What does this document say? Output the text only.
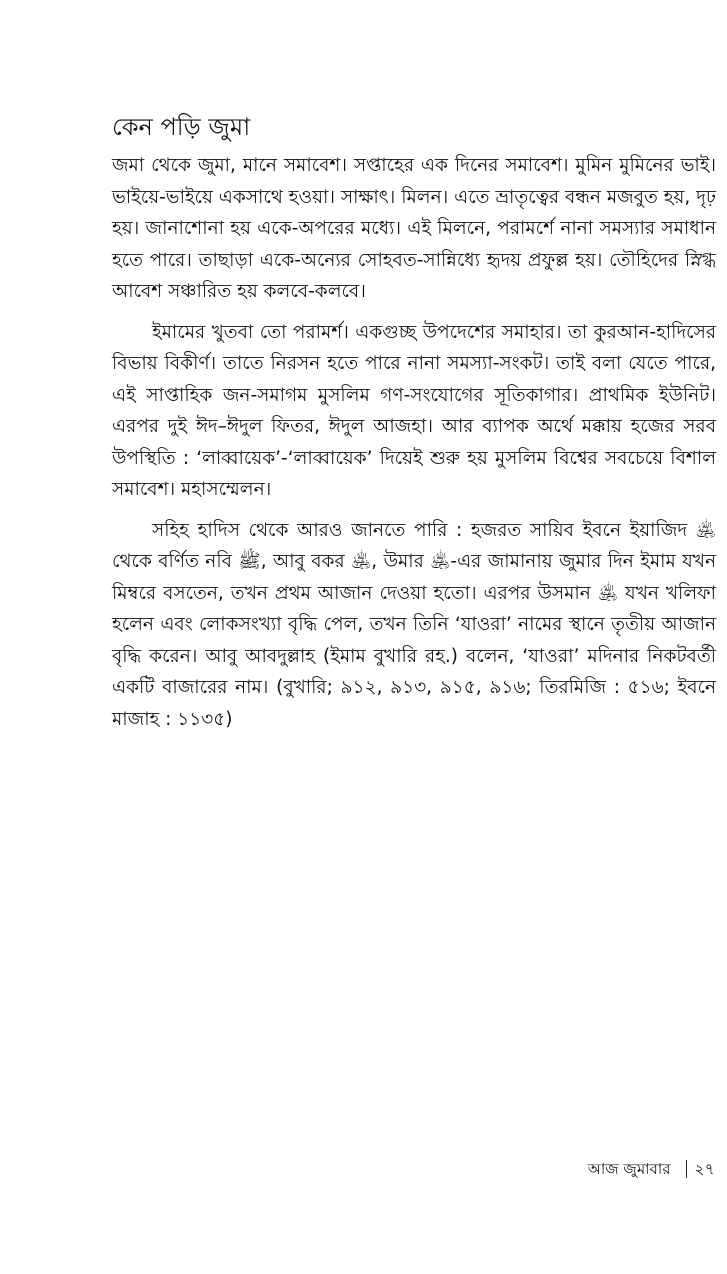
কেন পড়ি জুমা

জমা থেকে জুমা, মানে সমাবেশ। সপ্তাহের এক দিনের সমাবেশ। মুমিন মুমিনের ভাই। ভাইয়ে-ভাইয়ে একসাথে হওয়া। সাক্ষাৎ। মিলন। এতে ভ্রাতৃত্বের বন্ধন মজবুত হয়, দৃঢ় হয়। জানাশোনা হয় একে-অপরের মধ্যে। এই মিলনে, পরামর্শে নানা সমস্যার সমাধান হতে পারে। তাছাড়া একে-অন্যের সোহবত-সান্নিধ্যে হৃদয় প্রফুল্ল হয়। তৌহিদের স্নিগ্ধ আবেশ সঞ্চারিত হয় কলবে-কলবে।

ইমামের খুতবা তো পরামর্শ। একগুচ্ছ উপদেশের সমাহার। তা কুরআন-হাদিসের বিভায় বিকীর্ণ। তাতে নিরসন হতে পারে নানা সমস্যা-সংকট। তাই বলা যেতে পারে, এই সাপ্তাহিক জন-সমাগম মুসলিম গণ-সংযোগের সূতিকাগার। প্রাথমিক ইউনিট। এরপর দুই ঈদ–ঈদুল ফিতর, ঈদুল আজহা। আর ব্যাপক অর্থে মক্কায় হজের সরব উপস্থিতি : ‘লাব্বায়েক’-‘লাব্বায়েক’ দিয়েই শুরু হয় মুসলিম বিশ্বের সবচেয়ে বিশাল সমাবেশ। মহাসম্মেলন।

সহিহ হাদিস থেকে আরও জানতে পারি : হজরত সায়িব ইবনে ইয়াজিদ ﵁ থেকে বর্ণিত নবি ﷺ, আবু বকর ﵁, উমার ﵁-এর জামানায় জুমার দিন ইমাম যখন মিম্বরে বসতেন, তখন প্রথম আজান দেওয়া হতো। এরপর উসমান ﵁ যখন খলিফা হলেন এবং লোকসংখ্যা বৃদ্ধি পেল, তখন তিনি ‘যাওরা’ নামের স্থানে তৃতীয় আজান বৃদ্ধি করেন। আবু আবদুল্লাহ (ইমাম বুখারি রহ.) বলেন, ‘যাওরা’ মদিনার নিকটবর্তী একটি বাজারের নাম। (বুখারি; ৯১২, ৯১৩, ৯১৫, ৯১৬; তিরমিজি : ৫১৬; ইবনে মাজাহ : ১১৩৫)

আজ জুমাবার ২৭
